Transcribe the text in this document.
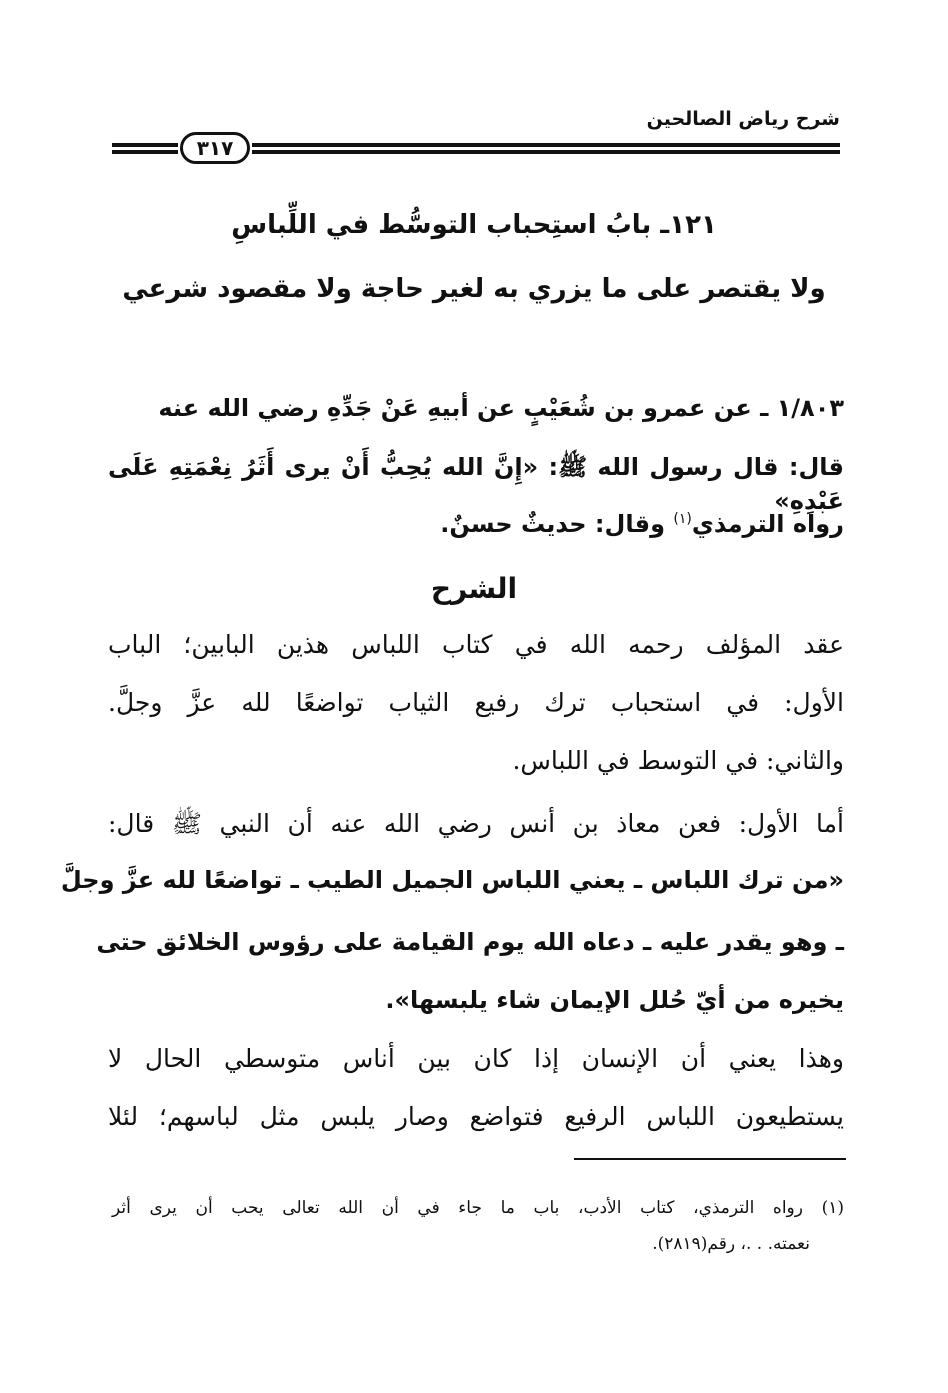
شرح رياض الصالحين
٣١٧
١٢١ـ بابُ استِحباب التوسُّط في اللِّباسِ
ولا يقتصر على ما يزري به لغير حاجة ولا مقصود شرعي
١/٨٠٣ ـ عن عمرو بن شُعَيْبٍ عن أبيهِ عَنْ جَدِّهِ رضي الله عنه
قال: قال رسول الله ﷺ: «إِنَّ الله يُحِبُّ أَنْ يرى أَثَرُ نِعْمَتِهِ عَلَى عَبْدِهِ»
رواه الترمذي$^{(١)}$ وقال: حديثٌ حسنٌ.
الشرح
عقد المؤلف رحمه الله في كتاب اللباس هذين البابين؛ الباب
الأول: في استحباب ترك رفيع الثياب تواضعًا لله عزَّ وجلَّ.
والثاني: في التوسط في اللباس.
أما الأول: فعن معاذ بن أنس رضي الله عنه أن النبي ﷺ قال:
«من ترك اللباس ـ يعني اللباس الجميل الطيب ـ تواضعًا لله عزَّ وجلَّ
ـ وهو يقدر عليه ـ دعاه الله يوم القيامة على رؤوس الخلائق حتى
يخيره من أيّ حُلل الإيمان شاء يلبسها».
وهذا يعني أن الإنسان إذا كان بين أناس متوسطي الحال لا
يستطيعون اللباس الرفيع فتواضع وصار يلبس مثل لباسهم؛ لئلا
(١) رواه الترمذي، كتاب الأدب، باب ما جاء في أن الله تعالى يحب أن يرى أثر
نعمته. . .، رقم(٢٨١٩).
